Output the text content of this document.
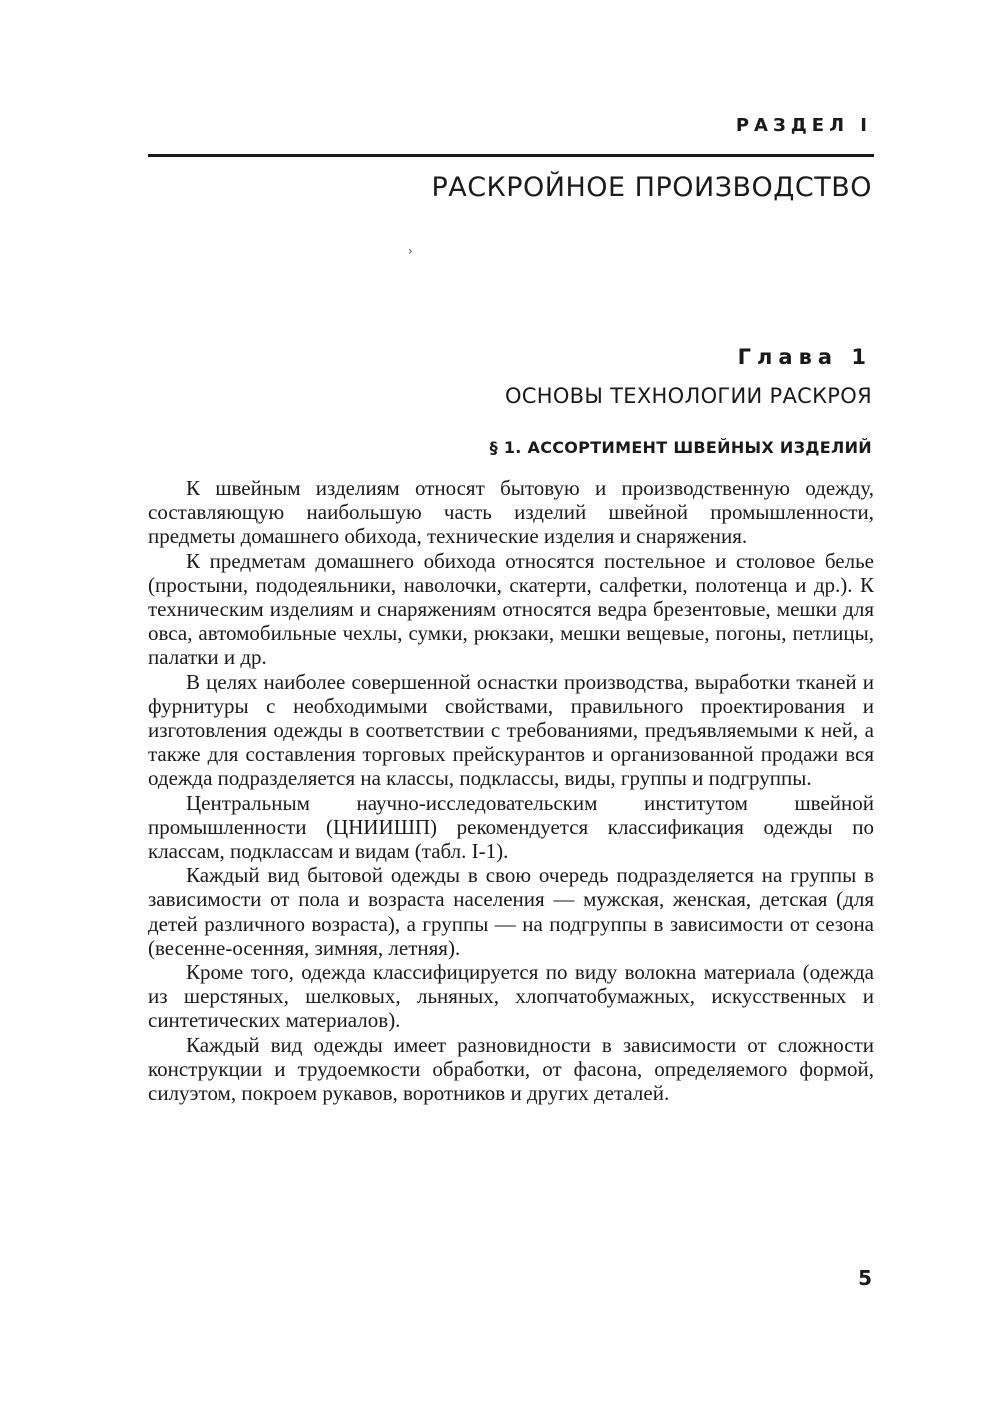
РАЗДЕЛ I
РАСКРОЙНОЕ ПРОИЗВОДСТВО
›
Глава 1
ОСНОВЫ ТЕХНОЛОГИИ РАСКРОЯ
§ 1. АССОРТИМЕНТ ШВЕЙНЫХ ИЗДЕЛИЙ

К швейным изделиям относят бытовую и производственную одежду, составляющую наибольшую часть изделий швейной промышленности, предметы домашнего обихода, технические изделия и снаряжения.

К предметам домашнего обихода относятся постельное и столовое белье (простыни, пододеяльники, наволочки, скатерти, салфетки, полотенца и др.). К техническим изделиям и снаряжениям относятся ведра брезентовые, мешки для овса, автомобильные чехлы, сумки, рюкзаки, мешки вещевые, погоны, петлицы, палатки и др.

В целях наиболее совершенной оснастки производства, выработки тканей и фурнитуры с необходимыми свойствами, правильного проектирования и изготовления одежды в соответствии с требованиями, предъявляемыми к ней, а также для составления торговых прейскурантов и организованной продажи вся одежда подразделяется на классы, подклассы, виды, группы и подгруппы.

Центральным научно-исследовательским институтом швейной промышленности (ЦНИИШП) рекомендуется классификация одежды по классам, подклассам и видам (табл. I-1).

Каждый вид бытовой одежды в свою очередь подразделяется на группы в зависимости от пола и возраста населения — мужская, женская, детская (для детей различного возраста), а группы — на подгруппы в зависимости от сезона (весенне-осенняя, зимняя, летняя).

Кроме того, одежда классифицируется по виду волокна материала (одежда из шерстяных, шелковых, льняных, хлопчатобумажных, искусственных и синтетических материалов).

Каждый вид одежды имеет разновидности в зависимости от сложности конструкции и трудоемкости обработки, от фасона, определяемого формой, силуэтом, покроем рукавов, воротников и других деталей.

5
